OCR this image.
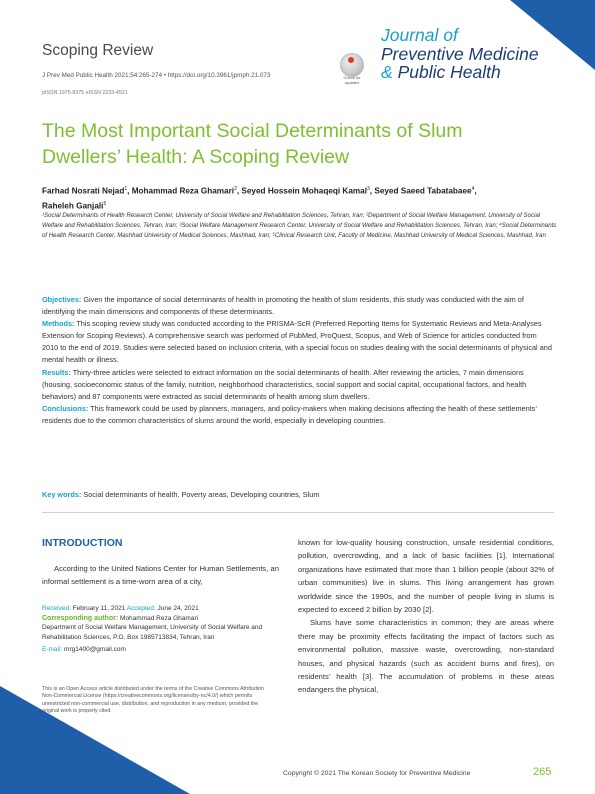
Scoping Review
J Prev Med Public Health 2021;54:265-274 • https://doi.org/10.3961/jpmph.21.073
pISSN 1975-8375 eISSN 2233-4521
Check for updates
Journal of
Preventive Medicine
& Public Health
The Most Important Social Determinants of Slum Dwellers’ Health: A Scoping Review
Farhad Nosrati Nejad$^1$, Mohammad Reza Ghamari$^2$, Seyed Hossein Mohaqeqi Kamal$^3$, Seyed Saeed Tabatabaee$^4$,
Raheleh Ganjali$^5$
¹Social Determinants of Health Research Center, University of Social Welfare and Rehabilitation Sciences, Tehran, Iran; ²Department of Social Welfare Management, University of Social Welfare and Rehabilitation Sciences, Tehran, Iran; ³Social Welfare Management Research Center, University of Social Welfare and Rehabilitation Sciences, Tehran, Iran; ⁴Social Determinants of Health Research Center, Mashhad University of Medical Sciences, Mashhad, Iran; ⁵Clinical Research Unit, Faculty of Medicine, Mashhad University of Medical Sciences, Mashhad, Iran

Objectives: Given the importance of social determinants of health in promoting the health of slum residents, this study was conducted with the aim of identifying the main dimensions and components of these determinants.

Methods: This scoping review study was conducted according to the PRISMA-ScR (Preferred Reporting Items for Systematic Reviews and Meta-Analyses Extension for Scoping Reviews). A comprehensive search was performed of PubMed, ProQuest, Scopus, and Web of Science for articles conducted from 2010 to the end of 2019. Studies were selected based on inclusion criteria, with a special focus on studies dealing with the social determinants of physical and mental health or illness.

Results: Thirty-three articles were selected to extract information on the social determinants of health. After reviewing the articles, 7 main dimensions (housing, socioeconomic status of the family, nutrition, neighborhood characteristics, social support and social capital, occupational factors, and health behaviors) and 87 components were extracted as social determinants of health among slum dwellers.

Conclusions: This framework could be used by planners, managers, and policy-makers when making decisions affecting the health of these settlements’ residents due to the common characteristics of slums around the world, especially in developing countries.

Key words: Social determinants of health, Poverty areas, Developing countries, Slum
INTRODUCTION

According to the United Nations Center for Human Settlements, an informal settlement is a time-worn area of a city,

known for low-quality housing construction, unsafe residential conditions, pollution, overcrowding, and a lack of basic facilities [1]. International organizations have estimated that more than 1 billion people (about 32% of urban communities) live in slums. This living arrangement has grown worldwide since the 1990s, and the number of people living in slums is expected to exceed 2 billion by 2030 [2].

Slums have some characteristics in common; they are areas where there may be proximity effects facilitating the impact of factors such as environmental pollution, massive waste, overcrowding, non-standard houses, and physical hazards (such as accident burns and fires), on residents’ health [3]. The accumulation of problems in these areas endangers the physical,

Received: February 11, 2021 Accepted: June 24, 2021
Corresponding author: Mohammad Reza Ghamari
Department of Social Welfare Management, University of Social Welfare and Rehabilitation Sciences, P.O. Box 1985713834, Tehran, Iran
E-mail: mrg1400@gmail.com
This is an Open Access article distributed under the terms of the Creative Commons Attribution Non-Commercial License (https://creativecommons.org/licenses/by-nc/4.0/) which permits unrestricted non-commercial use, distribution, and reproduction in any medium, provided the original work is properly cited.
Copyright © 2021 The Korean Society for Preventive Medicine	265
